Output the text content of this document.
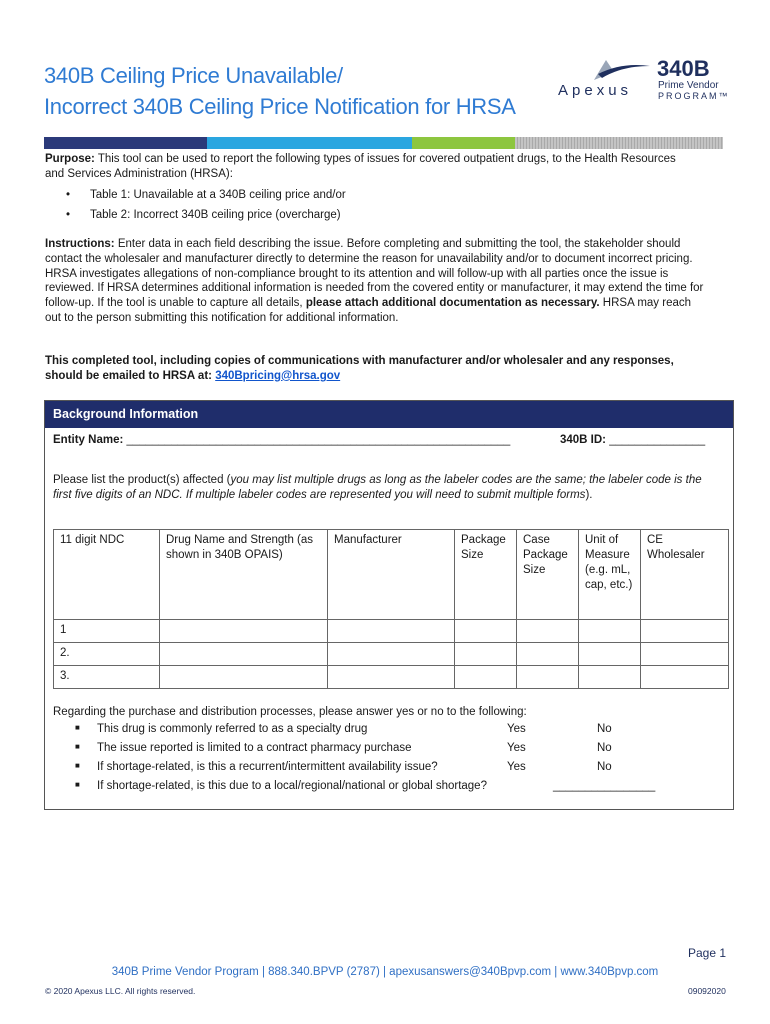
340B Ceiling Price Unavailable/
Incorrect 340B Ceiling Price Notification for HRSA
Apexus
340B
Prime Vendor
PROGRAM™
Purpose: This tool can be used to report the following types of issues for covered outpatient drugs, to the Health Resources and Services Administration (HRSA):
• Table 1: Unavailable at a 340B ceiling price and/or
• Table 2: Incorrect 340B ceiling price (overcharge)
Instructions: Enter data in each field describing the issue. Before completing and submitting the tool, the stakeholder should contact the wholesaler and manufacturer directly to determine the reason for unavailability and/or to document incorrect pricing. HRSA investigates allegations of non-compliance brought to its attention and will follow-up with all parties once the issue is reviewed. If HRSA determines additional information is needed from the covered entity or manufacturer, it may extend the time for follow-up. If the tool is unable to capture all details, please attach additional documentation as necessary. HRSA may reach out to the person submitting this notification for additional information.
This completed tool, including copies of communications with manufacturer and/or wholesaler and any responses, should be emailed to HRSA at: 340Bpricing@hrsa.gov
Background Information
Entity Name: ____________________________________________________________	340B ID: _______________
Please list the product(s) affected (you may list multiple drugs as long as the labeler codes are the same; the labeler code is the first five digits of an NDC. If multiple labeler codes are represented you will need to submit multiple forms).
11 digit NDC	Drug Name and Strength (as shown in 340B OPAIS)	Manufacturer	Package Size	Case Package Size	Unit of Measure (e.g. mL, cap, etc.)	CE Wholesaler
1						
2.						
3.						
Regarding the purchase and distribution processes, please answer yes or no to the following:
■ This drug is commonly referred to as a specialty drug	Yes	No
■ The issue reported is limited to a contract pharmacy purchase	Yes	No
■ If shortage-related, is this a recurrent/intermittent availability issue?	Yes	No
■ If shortage-related, is this due to a local/regional/national or global shortage?	________________
Page 1
340B Prime Vendor Program | 888.340.BPVP (2787) | apexusanswers@340Bpvp.com | www.340Bpvp.com
© 2020 Apexus LLC. All rights reserved.	09092020
